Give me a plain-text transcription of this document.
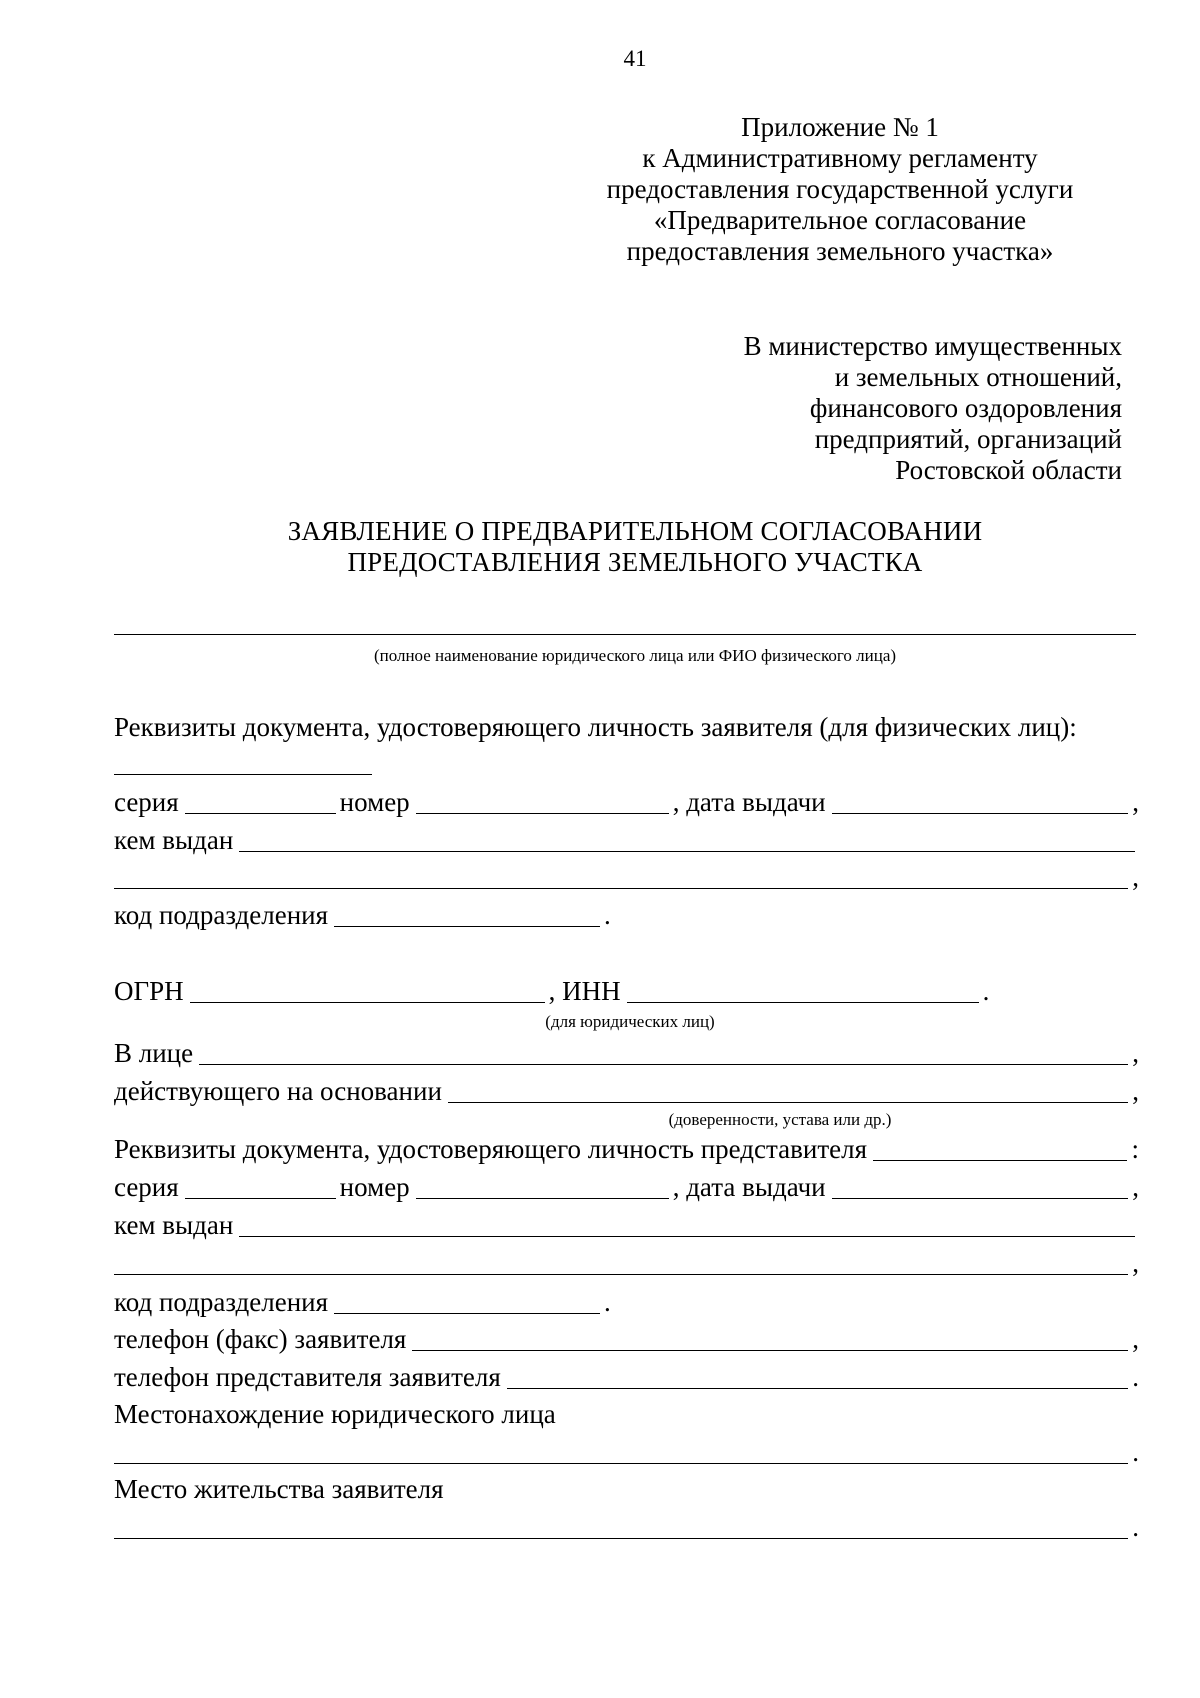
41
Приложение № 1
к Административному регламенту
предоставления государственной услуги
«Предварительное согласование
предоставления земельного участка»
В министерство имущественных
и земельных отношений,
финансового оздоровления
предприятий, организаций
Ростовской области
ЗАЯВЛЕНИЕ О ПРЕДВАРИТЕЛЬНОМ СОГЛАСОВАНИИ
ПРЕДОСТАВЛЕНИЯ ЗЕМЕЛЬНОГО УЧАСТКА
(полное наименование юридического лица или ФИО физического лица)
Реквизиты документа, удостоверяющего личность заявителя (для физических лиц):
серия	номер	, дата выдачи	,
кем выдан
,
код подразделения	.
ОГРН	, ИНН	.
(для юридических лиц)
В лице	,
действующего на основании	,
(доверенности, устава или др.)
Реквизиты документа, удостоверяющего личность представителя	:
серия	номер	, дата выдачи	,
кем выдан
,
код подразделения	.
телефон (факс) заявителя	,
телефон представителя заявителя	.
Местонахождение юридического лица
.
Место жительства заявителя
.
